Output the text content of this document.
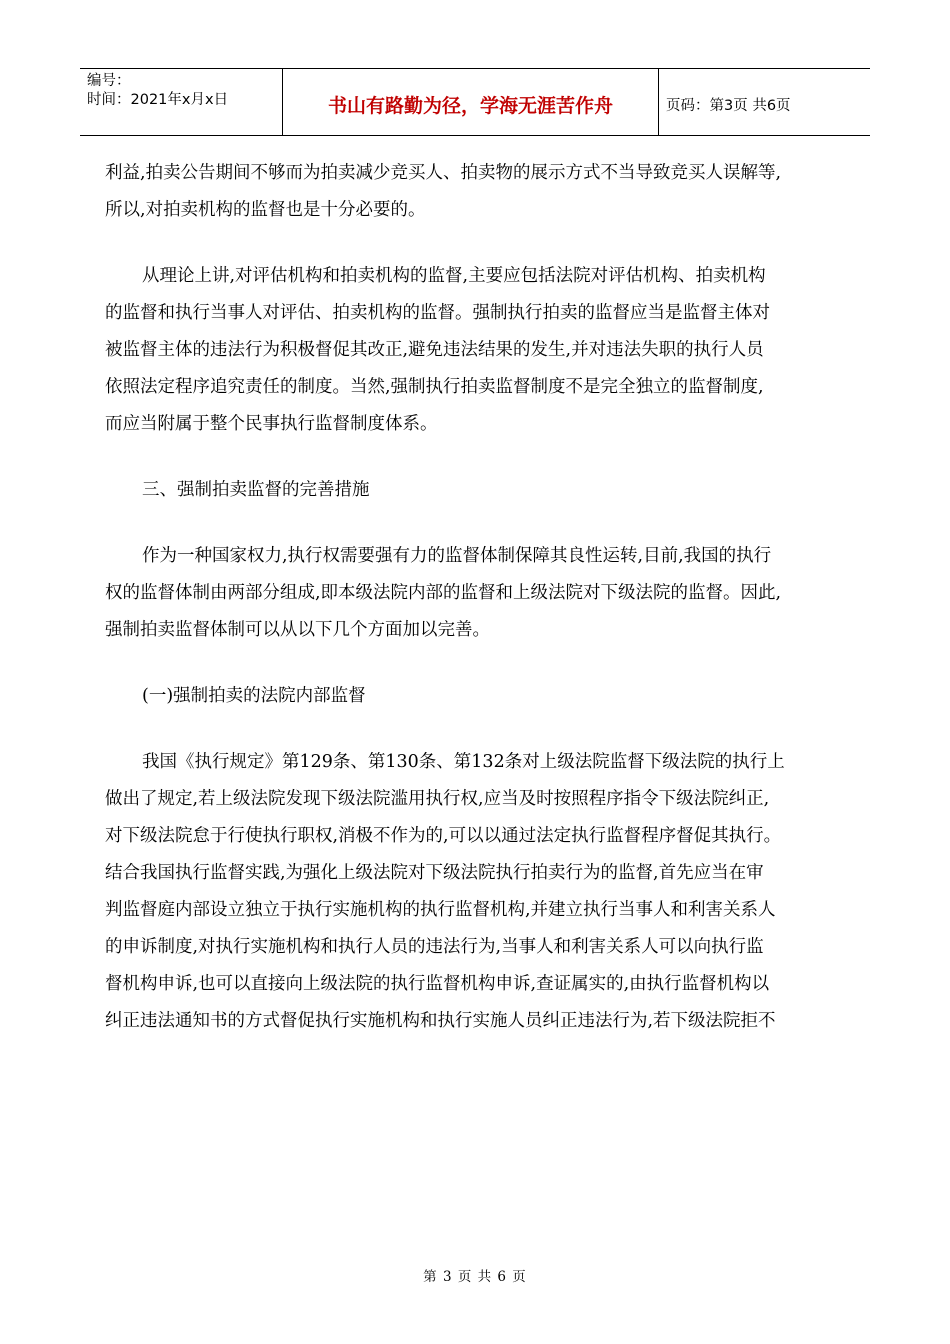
编号：
时间：2021年x月x日	书山有路勤为径，学海无涯苦作舟	页码：第3页 共6页
利益,拍卖公告期间不够而为拍卖减少竞买人、拍卖物的展示方式不当导致竞买人误解等,
所以,对拍卖机构的监督也是十分必要的。
从理论上讲,对评估机构和拍卖机构的监督,主要应包括法院对评估机构、拍卖机构
的监督和执行当事人对评估、拍卖机构的监督。强制执行拍卖的监督应当是监督主体对
被监督主体的违法行为积极督促其改正,避免违法结果的发生,并对违法失职的执行人员
依照法定程序追究责任的制度。当然,强制执行拍卖监督制度不是完全独立的监督制度,
而应当附属于整个民事执行监督制度体系。
三、强制拍卖监督的完善措施
作为一种国家权力,执行权需要强有力的监督体制保障其良性运转,目前,我国的执行
权的监督体制由两部分组成,即本级法院内部的监督和上级法院对下级法院的监督。因此,
强制拍卖监督体制可以从以下几个方面加以完善。
(一)强制拍卖的法院内部监督
我国《执行规定》第129条、第130条、第132条对上级法院监督下级法院的执行上
做出了规定,若上级法院发现下级法院滥用执行权,应当及时按照程序指令下级法院纠正,
对下级法院怠于行使执行职权,消极不作为的,可以以通过法定执行监督程序督促其执行。
结合我国执行监督实践,为强化上级法院对下级法院执行拍卖行为的监督,首先应当在审
判监督庭内部设立独立于执行实施机构的执行监督机构,并建立执行当事人和利害关系人
的申诉制度,对执行实施机构和执行人员的违法行为,当事人和利害关系人可以向执行监
督机构申诉,也可以直接向上级法院的执行监督机构申诉,查证属实的,由执行监督机构以
纠正违法通知书的方式督促执行实施机构和执行实施人员纠正违法行为,若下级法院拒不
第 3 页 共 6 页
